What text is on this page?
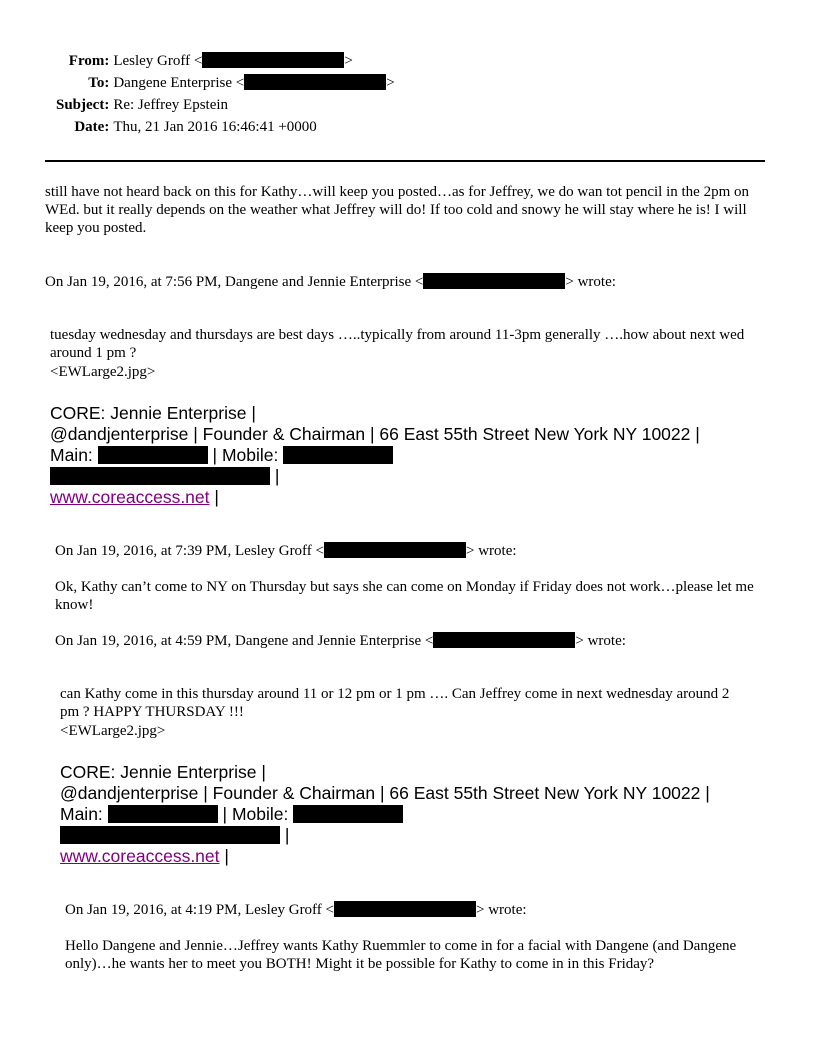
From:	Lesley Groff < >
To:	Dangene Enterprise < >
Subject:	Re: Jeffrey Epstein
Date:	Thu, 21 Jan 2016 16:46:41 +0000

still have not heard back on this for Kathy…will keep you posted…as for Jeffrey, we do wan tot pencil in the 2pm on WEd. but it really depends on the weather what Jeffrey will do! If too cold and snowy he will stay where he is! I will keep you posted.

On Jan 19, 2016, at 7:56 PM, Dangene and Jennie Enterprise <	> wrote:

tuesday wednesday and thursdays are best days …..typically from around 11-3pm generally ….how about next wed around 1 pm ?

<EWLarge2.jpg>

CORE: Jennie Enterprise |
@dandjenterprise | Founder & Chairman | 66 East 55th Street New York NY 10022 |
Main:	| Mobile:
|
www.coreaccess.net |

On Jan 19, 2016, at 7:39 PM, Lesley Groff <	> wrote:

Ok, Kathy can’t come to NY on Thursday but says she can come on Monday if Friday does not work…please let me know!

On Jan 19, 2016, at 4:59 PM, Dangene and Jennie Enterprise <	> wrote:

can Kathy come in this thursday around 11 or 12 pm or 1 pm …. Can Jeffrey come in next wednesday around 2 pm ? HAPPY THURSDAY !!!

<EWLarge2.jpg>

CORE: Jennie Enterprise |
@dandjenterprise | Founder & Chairman | 66 East 55th Street New York NY 10022 |
Main:	| Mobile:
|
www.coreaccess.net |

On Jan 19, 2016, at 4:19 PM, Lesley Groff <	> wrote:

Hello Dangene and Jennie…Jeffrey wants Kathy Ruemmler to come in for a facial with Dangene (and Dangene only)…he wants her to meet you BOTH! Might it be possible for Kathy to come in in this Friday?
